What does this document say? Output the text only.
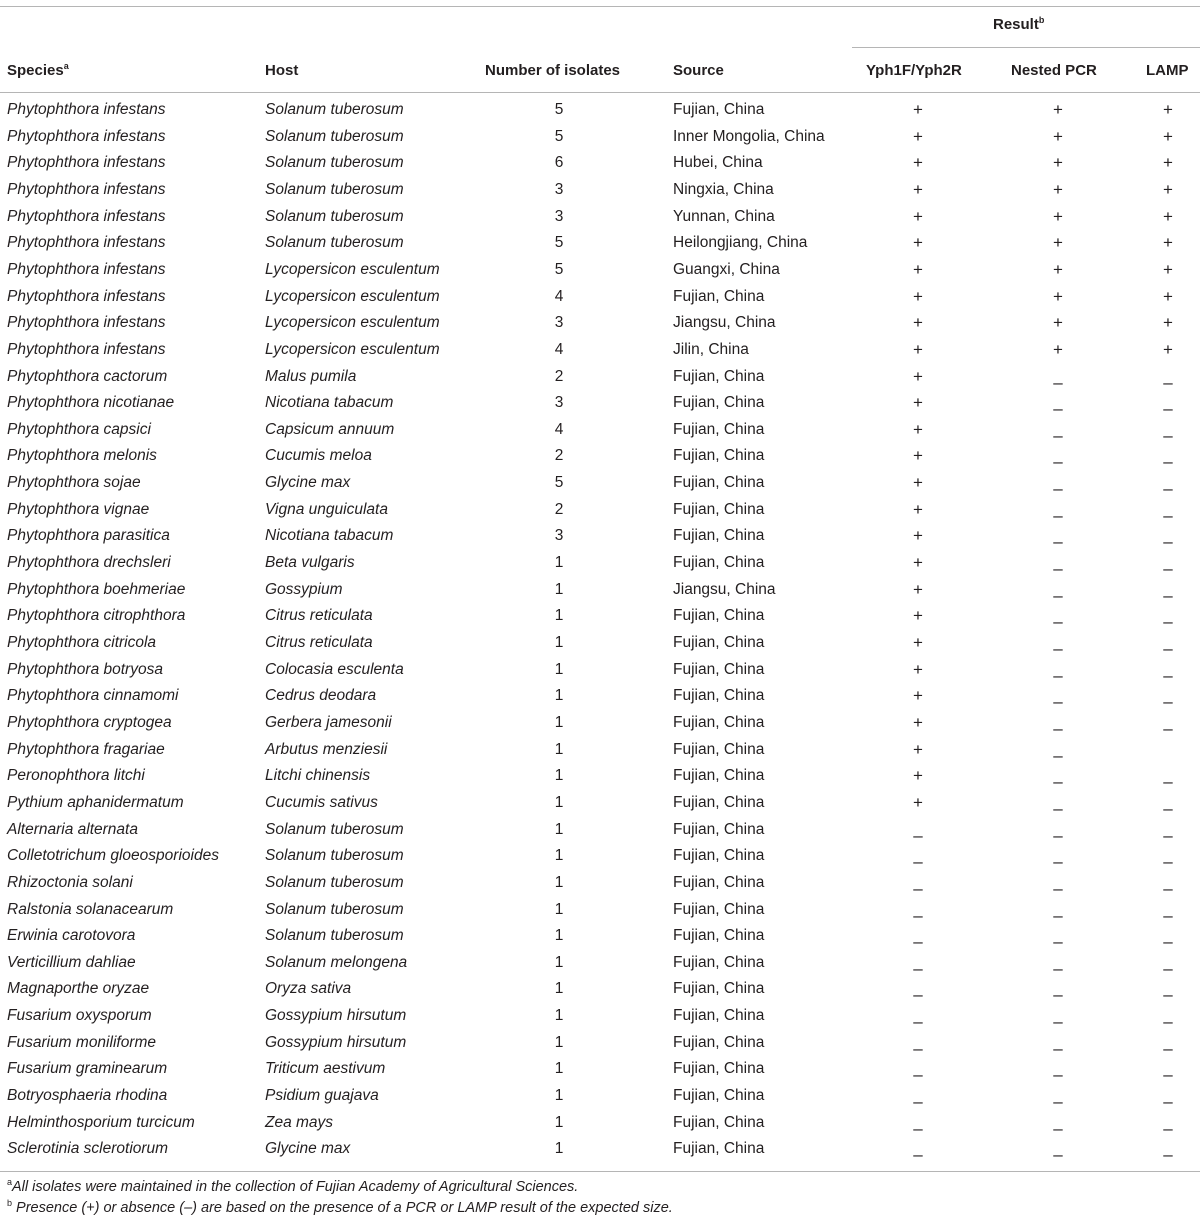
Result$^b$
Species$^a$	Host	Number of isolates	Source	Yph1F/Yph2R	Nested PCR	LAMP
Phytophthora infestans	Solanum tuberosum	5	Fujian, China	+	+	+
Phytophthora infestans	Solanum tuberosum	5	Inner Mongolia, China	+	+	+
Phytophthora infestans	Solanum tuberosum	6	Hubei, China	+	+	+
Phytophthora infestans	Solanum tuberosum	3	Ningxia, China	+	+	+
Phytophthora infestans	Solanum tuberosum	3	Yunnan, China	+	+	+
Phytophthora infestans	Solanum tuberosum	5	Heilongjiang, China	+	+	+
Phytophthora infestans	Lycopersicon esculentum	5	Guangxi, China	+	+	+
Phytophthora infestans	Lycopersicon esculentum	4	Fujian, China	+	+	+
Phytophthora infestans	Lycopersicon esculentum	3	Jiangsu, China	+	+	+
Phytophthora infestans	Lycopersicon esculentum	4	Jilin, China	+	+	+
Phytophthora cactorum	Malus pumila	2	Fujian, China	+	–	–
Phytophthora nicotianae	Nicotiana tabacum	3	Fujian, China	+	–	–
Phytophthora capsici	Capsicum annuum	4	Fujian, China	+	–	–
Phytophthora melonis	Cucumis meloa	2	Fujian, China	+	–	–
Phytophthora sojae	Glycine max	5	Fujian, China	+	–	–
Phytophthora vignae	Vigna unguiculata	2	Fujian, China	+	–	–
Phytophthora parasitica	Nicotiana tabacum	3	Fujian, China	+	–	–
Phytophthora drechsleri	Beta vulgaris	1	Fujian, China	+	–	–
Phytophthora boehmeriae	Gossypium	1	Jiangsu, China	+	–	–
Phytophthora citrophthora	Citrus reticulata	1	Fujian, China	+	–	–
Phytophthora citricola	Citrus reticulata	1	Fujian, China	+	–	–
Phytophthora botryosa	Colocasia esculenta	1	Fujian, China	+	–	–
Phytophthora cinnamomi	Cedrus deodara	1	Fujian, China	+	–	–
Phytophthora cryptogea	Gerbera jamesonii	1	Fujian, China	+	–	–
Phytophthora fragariae	Arbutus menziesii	1	Fujian, China	+	–
Peronophthora litchi	Litchi chinensis	1	Fujian, China	+	–	–
Pythium aphanidermatum	Cucumis sativus	1	Fujian, China	+	–	–
Alternaria alternata	Solanum tuberosum	1	Fujian, China	–	–	–
Colletotrichum gloeosporioides	Solanum tuberosum	1	Fujian, China	–	–	–
Rhizoctonia solani	Solanum tuberosum	1	Fujian, China	–	–	–
Ralstonia solanacearum	Solanum tuberosum	1	Fujian, China	–	–	–
Erwinia carotovora	Solanum tuberosum	1	Fujian, China	–	–	–
Verticillium dahliae	Solanum melongena	1	Fujian, China	–	–	–
Magnaporthe oryzae	Oryza sativa	1	Fujian, China	–	–	–
Fusarium oxysporum	Gossypium hirsutum	1	Fujian, China	–	–	–
Fusarium moniliforme	Gossypium hirsutum	1	Fujian, China	–	–	–
Fusarium graminearum	Triticum aestivum	1	Fujian, China	–	–	–
Botryosphaeria rhodina	Psidium guajava	1	Fujian, China	–	–	–
Helminthosporium turcicum	Zea mays	1	Fujian, China	–	–	–
Sclerotinia sclerotiorum	Glycine max	1	Fujian, China	–	–	–
$^a$All isolates were maintained in the collection of Fujian Academy of Agricultural Sciences.
$^b$ Presence (+) or absence (–) are based on the presence of a PCR or LAMP result of the expected size.
